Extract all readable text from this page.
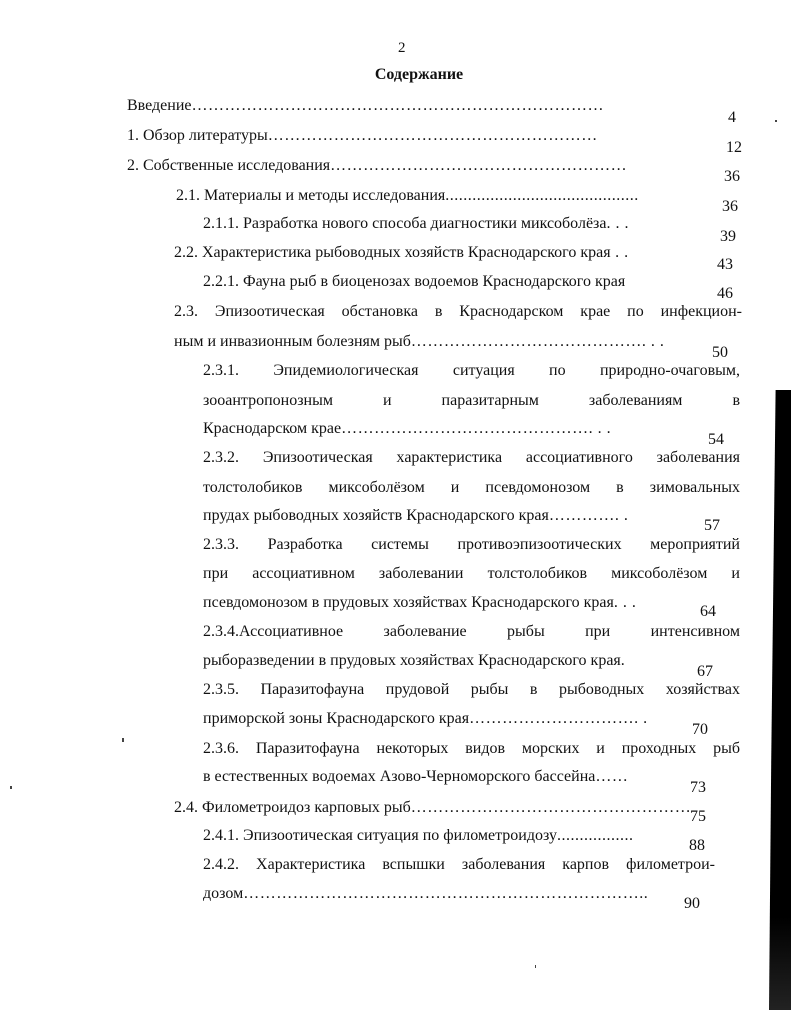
2
Содержание
Введение…………………………………………………………………
4
1. Обзор литературы……………………………………………………
12
2. Собственные исследования………………………………………………
36
2.1. Материалы и методы исследования...........................................
36
2.1.1. Разработка нового способа диагностики миксоболёза. . .
39
2.2. Характеристика рыбоводных хозяйств Краснодарского края . .
43
2.2.1. Фауна рыб в биоценозах водоемов Краснодарского края
46
2.3. Эпизоотическая обстановка в Краснодарском крае по инфекцион-
ным и инвазионным болезням рыб……………………………………. . .
50
2.3.1. Эпидемиологическая ситуация по природно-очаговым,
зооантропонозным и паразитарным заболеваниям в
Краснодарском крае………………………………………. . .
54
2.3.2. Эпизоотическая характеристика ассоциативного заболевания
толстолобиков миксоболёзом и псевдомонозом в зимовальных
прудах рыбоводных хозяйств Краснодарского края…………. .
57
2.3.3. Разработка системы противоэпизоотических мероприятий
при ассоциативном заболевании толстолобиков миксоболёзом и
псевдомонозом в прудовых хозяйствах Краснодарского края. . .
64
2.3.4.Ассоциативное заболевание рыбы при интенсивном
рыборазведении в прудовых хозяйствах Краснодарского края.
67
2.3.5. Паразитофауна прудовой рыбы в рыбоводных хозяйствах
приморской зоны Краснодарского края…………………………. .
70
2.3.6. Паразитофауна некоторых видов морских и проходных рыб
в естественных водоемах Азово-Черноморского бассейна……
73
2.4. Филометроидоз карповых рыб……………………………………………
75
2.4.1. Эпизоотическая ситуация по филометроидозу.................
88
2.4.2. Характеристика вспышки заболевания карпов филометрои-
дозом………………………………………………………………..
90
